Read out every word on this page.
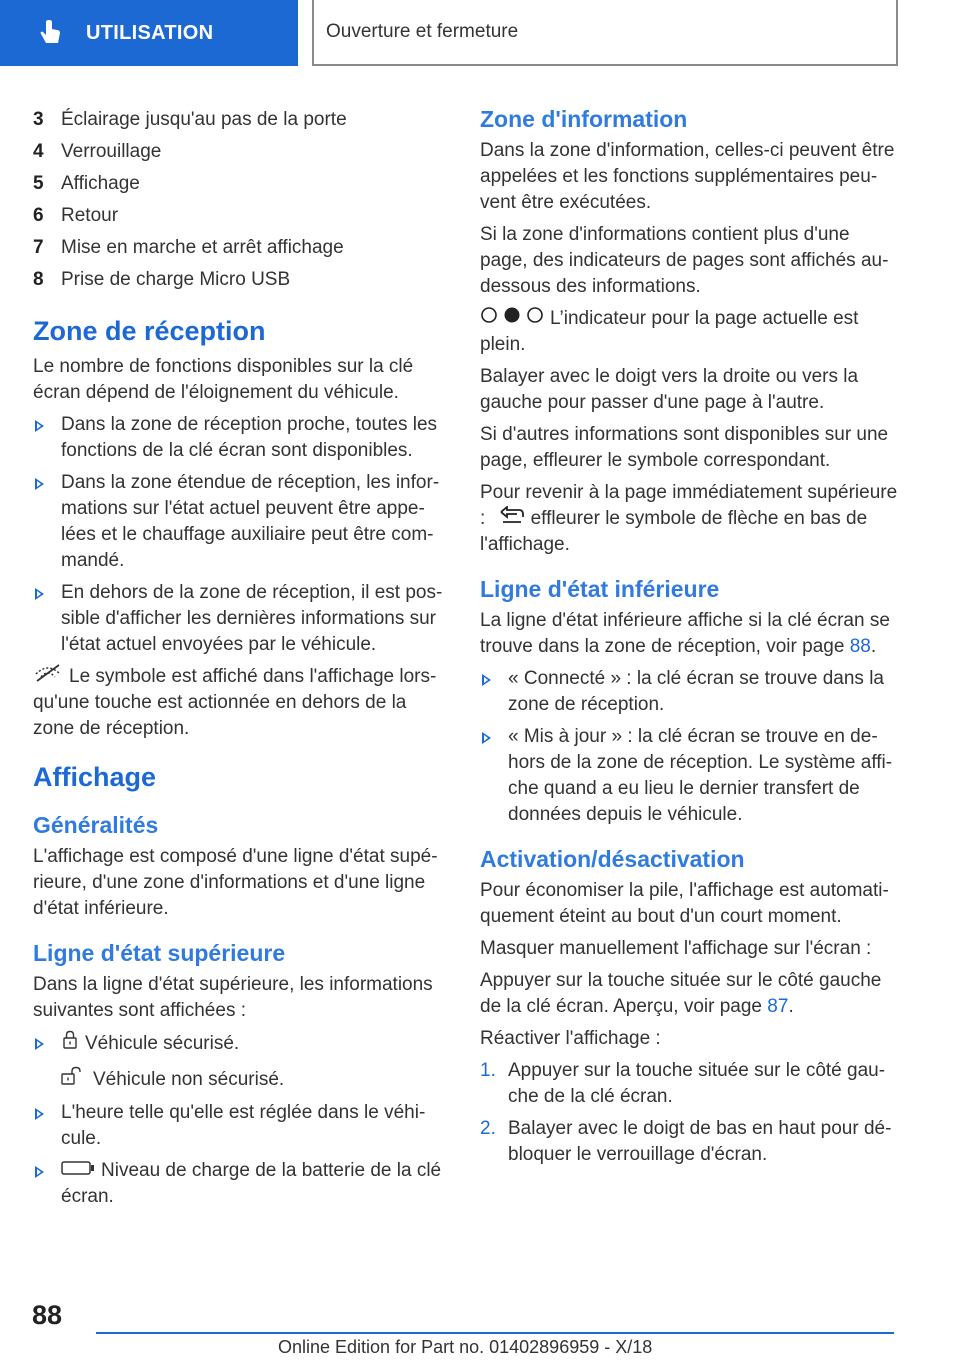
UTILISATION	Ouverture et fermeture
3 Éclairage jusqu'au pas de la porte
4 Verrouillage
5 Affichage
6 Retour
7 Mise en marche et arrêt affichage
8 Prise de charge Micro USB
Zone de réception

Le nombre de fonctions disponibles sur la clé écran dépend de l'éloignement du véhicule.

Dans la zone de réception proche, toutes les fonctions de la clé écran sont disponibles.
Dans la zone étendue de réception, les informations sur l'état actuel peuvent être appelées et le chauffage auxiliaire peut être commandé.
En dehors de la zone de réception, il est possible d'afficher les dernières informations sur l'état actuel envoyées par le véhicule.

Le symbole est affiché dans l'affichage lorsqu'une touche est actionnée en dehors de la zone de réception.

Affichage
Généralités

L'affichage est composé d'une ligne d'état supérieure, d'une zone d'informations et d'une ligne d'état inférieure.

Ligne d'état supérieure

Dans la ligne d'état supérieure, les informations suivantes sont affichées :

Véhicule sécurisé.
Véhicule non sécurisé.
L'heure telle qu'elle est réglée dans le véhicule.
Niveau de charge de la batterie de la clé écran.
Zone d'information

Dans la zone d'information, celles-ci peuvent être appelées et les fonctions supplémentaires peuvent être exécutées.

Si la zone d'informations contient plus d'une page, des indicateurs de pages sont affichés au-dessous des informations.

L’indicateur pour la page actuelle est plein.

Balayer avec le doigt vers la droite ou vers la gauche pour passer d'une page à l'autre.

Si d'autres informations sont disponibles sur une page, effleurer le symbole correspondant.

Pour revenir à la page immédiatement supérieure : effleurer le symbole de flèche en bas de l'affichage.

Ligne d'état inférieure

La ligne d'état inférieure affiche si la clé écran se trouve dans la zone de réception, voir page 88.

« Connecté » : la clé écran se trouve dans la zone de réception.
« Mis à jour » : la clé écran se trouve en dehors de la zone de réception. Le système affiche quand a eu lieu le dernier transfert de données depuis le véhicule.
Activation/désactivation

Pour économiser la pile, l'affichage est automatiquement éteint au bout d'un court moment.

Masquer manuellement l'affichage sur l'écran :

Appuyer sur la touche située sur le côté gauche de la clé écran. Aperçu, voir page 87.

Réactiver l'affichage :

1. Appuyer sur la touche située sur le côté gauche de la clé écran.
2. Balayer avec le doigt de bas en haut pour débloquer le verrouillage d'écran.
88
Online Edition for Part no. 01402896959 - X/18
